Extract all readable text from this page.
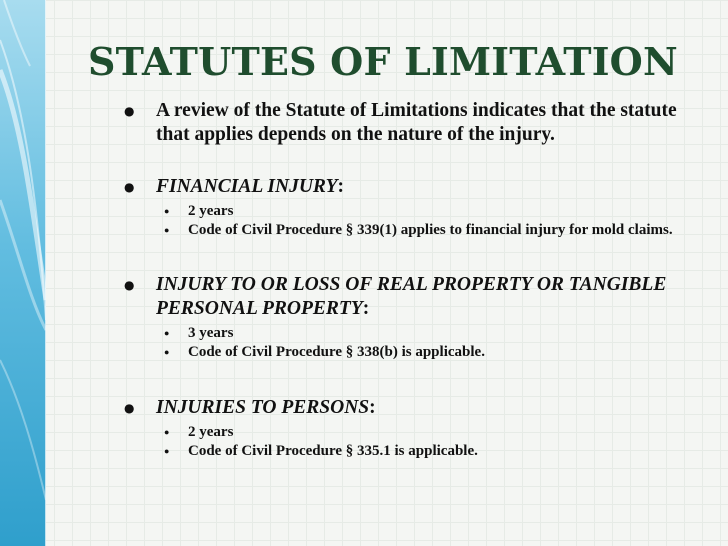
STATUTES OF LIMITATION
● A review of the Statute of Limitations indicates that the statute that applies depends on the nature of the injury.
● FINANCIAL INJURY:
● 2 years
● Code of Civil Procedure § 339(1) applies to financial injury for mold claims.
● INJURY TO OR LOSS OF REAL PROPERTY OR TANGIBLE PERSONAL PROPERTY:
● 3 years
● Code of Civil Procedure § 338(b) is applicable.
● INJURIES TO PERSONS:
● 2 years
● Code of Civil Procedure § 335.1 is applicable.
